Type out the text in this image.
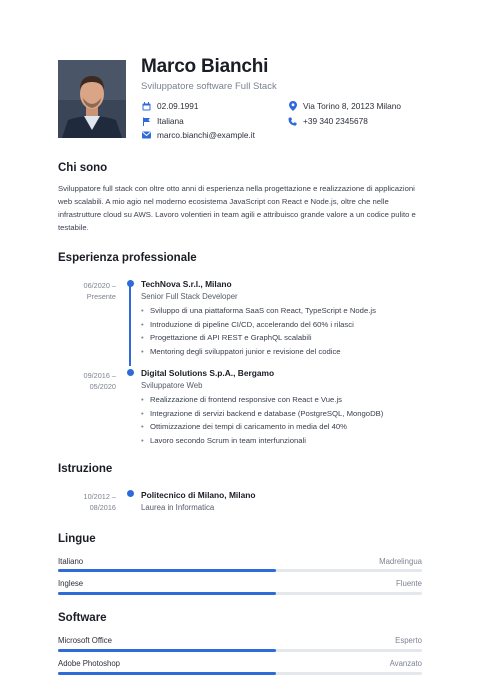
Marco Bianchi
Sviluppatore software Full Stack
02.09.1991
Italiana
marco.bianchi@example.it
Via Torino 8, 20123 Milano
+39 340 2345678
Chi sono
Sviluppatore full stack con oltre otto anni di esperienza nella progettazione e realizzazione di applicazioni web scalabili. A mio agio nel moderno ecosistema JavaScript con React e Node.js, oltre che nelle infrastrutture cloud su AWS. Lavoro volentieri in team agili e attribuisco grande valore a un codice pulito e testabile.
Esperienza professionale
06/2020 –
Presente
TechNova S.r.l., Milano
Senior Full Stack Developer
• Sviluppo di una piattaforma SaaS con React, TypeScript e Node.js
• Introduzione di pipeline CI/CD, accelerando del 60% i rilasci
• Progettazione di API REST e GraphQL scalabili
• Mentoring degli sviluppatori junior e revisione del codice
09/2016 –
05/2020
Digital Solutions S.p.A., Bergamo
Sviluppatore Web
• Realizzazione di frontend responsive con React e Vue.js
• Integrazione di servizi backend e database (PostgreSQL, MongoDB)
• Ottimizzazione dei tempi di caricamento in media del 40%
• Lavoro secondo Scrum in team interfunzionali
Istruzione
10/2012 –
08/2016
Politecnico di Milano, Milano
Laurea in Informatica
Lingue
Italiano	Madrelingua
Inglese	Fluente
Software
Microsoft Office	Esperto
Adobe Photoshop	Avanzato
